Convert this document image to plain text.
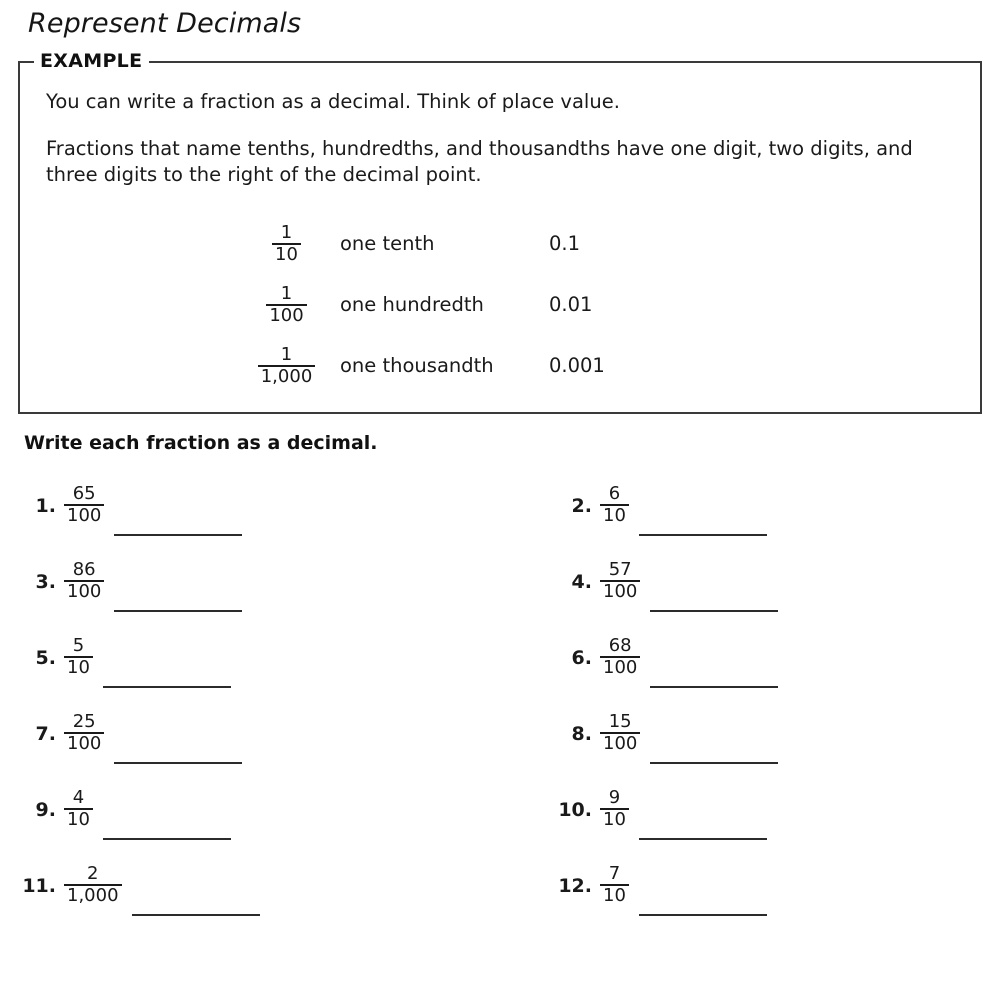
Represent Decimals
EXAMPLE
You can write a fraction as a decimal. Think of place value.
Fractions that name tenths, hundredths, and thousandths have one digit, two digits, and three digits to the right of the decimal point.
$\frac{1}{10}$	one tenth	0.1
$\frac{1}{100}$	one hundredth	0.01
$\frac{1}{1,000}$	one thousandth	0.001
Write each fraction as a decimal.
1. $\frac{65}{100}$	2. $\frac{6}{10}$
3. $\frac{86}{100}$	4. $\frac{57}{100}$
5. $\frac{5}{10}$	6. $\frac{68}{100}$
7. $\frac{25}{100}$	8. $\frac{15}{100}$
9. $\frac{4}{10}$	10. $\frac{9}{10}$
11. $\frac{2}{1,000}$	12. $\frac{7}{10}$
